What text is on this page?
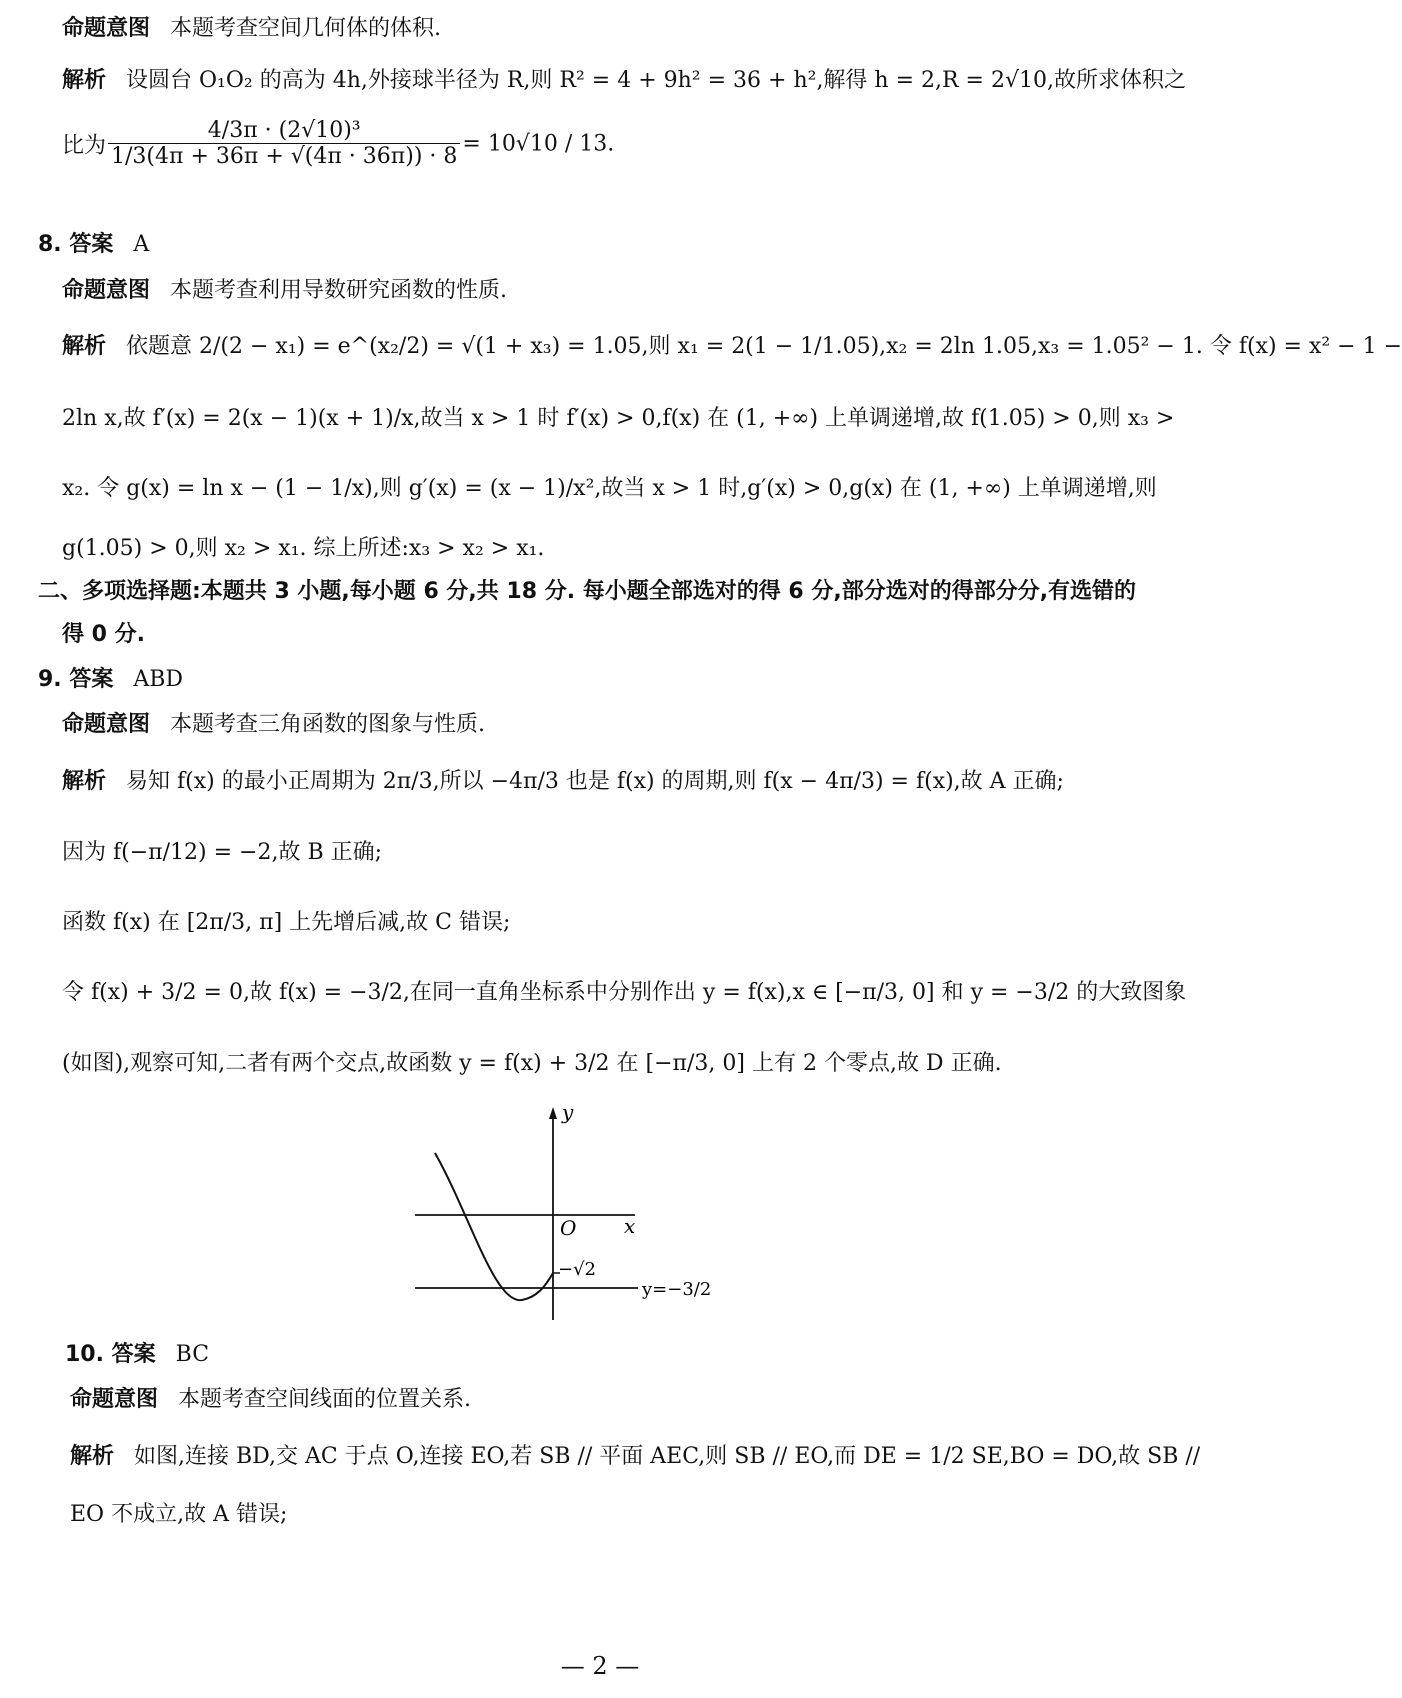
命题意图 本题考查空间几何体的体积.
解析 设圆台 O₁O₂ 的高为 4h,外接球半径为 R,则 R² = 4 + 9h² = 36 + h²,解得 h = 2,R = 2√10,故所求体积之
比为 $\frac{\text{4/3π · (2√10)³}}{1/3(4\pi + 36\pi + √(4\pi \cdot 36\pi)) \cdot 8} = 10√10 / 13$.
8. 答案 A
命题意图 本题考查利用导数研究函数的性质.
解析 依题意 2/(2 − x₁) = e^(x₂/2) = √(1 + x₃) = 1.05,则 x₁ = 2(1 − 1/1.05),x₂ = 2ln 1.05,x₃ = 1.05² − 1. 令 f(x) = x² − 1 −
2ln x,故 f′(x) = 2(x − 1)(x + 1)/x,故当 x > 1 时 f′(x) > 0,f(x) 在 (1, +∞) 上单调递增,故 f(1.05) > 0,则 x₃ >
x₂. 令 g(x) = ln x − (1 − 1/x),则 g′(x) = (x − 1)/x²,故当 x > 1 时,g′(x) > 0,g(x) 在 (1, +∞) 上单调递增,则
g(1.05) > 0,则 x₂ > x₁. 综上所述:x₃ > x₂ > x₁.
二、多项选择题:本题共 3 小题,每小题 6 分,共 18 分. 每小题全部选对的得 6 分,部分选对的得部分分,有选错的
得 0 分.
9. 答案 ABD
命题意图 本题考查三角函数的图象与性质.
解析 易知 f(x) 的最小正周期为 2π/3,所以 −4π/3 也是 f(x) 的周期,则 f(x − 4π/3) = f(x),故 A 正确;
因为 f(−π/12) = −2,故 B 正确;
函数 f(x) 在 [2π/3, π] 上先增后减,故 C 错误;
令 f(x) + 3/2 = 0,故 f(x) = −3/2,在同一直角坐标系中分别作出 y = f(x),x ∈ [−π/3, 0] 和 y = −3/2 的大致图象
(如图),观察可知,二者有两个交点,故函数 y = f(x) + 3/2 在 [−π/3, 0] 上有 2 个零点,故 D 正确.
y
x
O
−√2
y=−3/2
10. 答案 BC
命题意图 本题考查空间线面的位置关系.
解析 如图,连接 BD,交 AC 于点 O,连接 EO,若 SB // 平面 AEC,则 SB // EO,而 DE = 1/2 SE,BO = DO,故 SB //
EO 不成立,故 A 错误;
— 2 —
